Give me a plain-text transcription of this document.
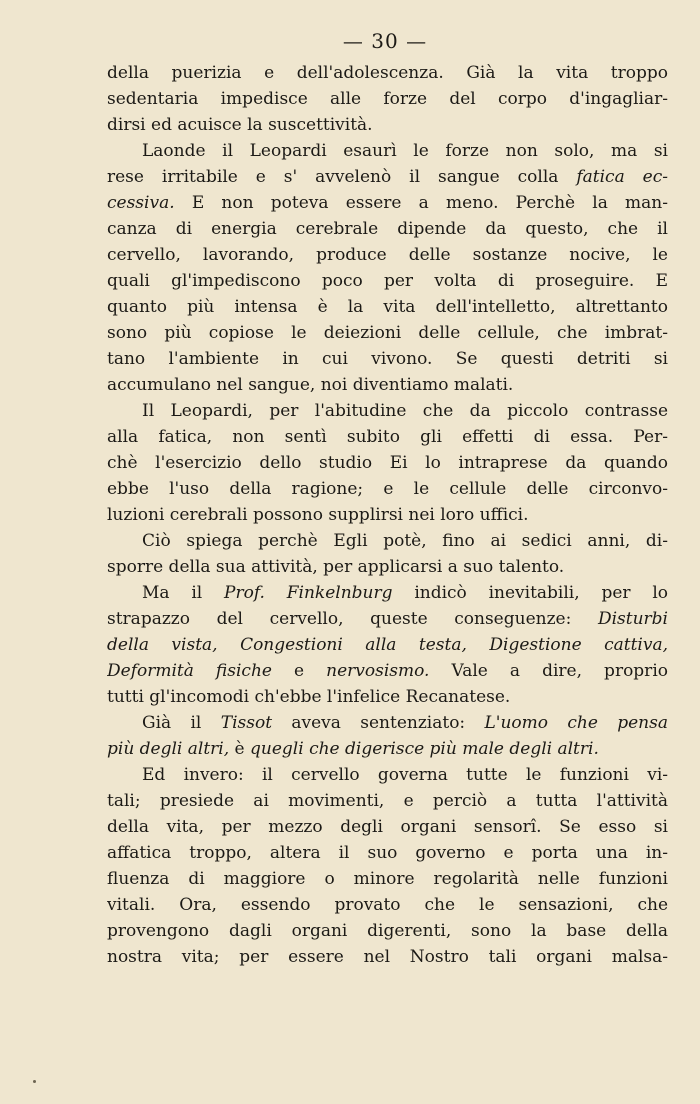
— 30 —
della puerizia e dell'adolescenza. Già la vita troppo
sedentaria impedisce alle forze del corpo d'ingagliar-
dirsi ed acuisce la suscettività.
Laonde il Leopardi esaurì le forze non solo, ma si
rese irritabile e s' avvelenò il sangue colla fatica ec-
cessiva. E non poteva essere a meno. Perchè la man-
canza di energia cerebrale dipende da questo, che il
cervello, lavorando, produce delle sostanze nocive, le
quali gl'impediscono poco per volta di proseguire. E
quanto più intensa è la vita dell'intelletto, altrettanto
sono più copiose le deiezioni delle cellule, che imbrat-
tano l'ambiente in cui vivono. Se questi detriti si
accumulano nel sangue, noi diventiamo malati.
Il Leopardi, per l'abitudine che da piccolo contrasse
alla fatica, non sentì subito gli effetti di essa. Per-
chè l'esercizio dello studio Ei lo intraprese da quando
ebbe l'uso della ragione; e le cellule delle circonvo-
luzioni cerebrali possono supplirsi nei loro uffici.
Ciò spiega perchè Egli potè, fino ai sedici anni, di-
sporre della sua attività, per applicarsi a suo talento.
Ma il Prof. Finkelnburg indicò inevitabili, per lo
strapazzo del cervello, queste conseguenze: Disturbi
della vista, Congestioni alla testa, Digestione cattiva,
Deformità fisiche e nervosismo. Vale a dire, proprio
tutti gl'incomodi ch'ebbe l'infelice Recanatese.
Già il Tissot aveva sentenziato: L'uomo che pensa
più degli altri, è quegli che digerisce più male degli altri.
Ed invero: il cervello governa tutte le funzioni vi-
tali; presiede ai movimenti, e perciò a tutta l'attività
della vita, per mezzo degli organi sensorî. Se esso si
affatica troppo, altera il suo governo e porta una in-
fluenza di maggiore o minore regolarità nelle funzioni
vitali. Ora, essendo provato che le sensazioni, che
provengono dagli organi digerenti, sono la base della
nostra vita; per essere nel Nostro tali organi malsa-
